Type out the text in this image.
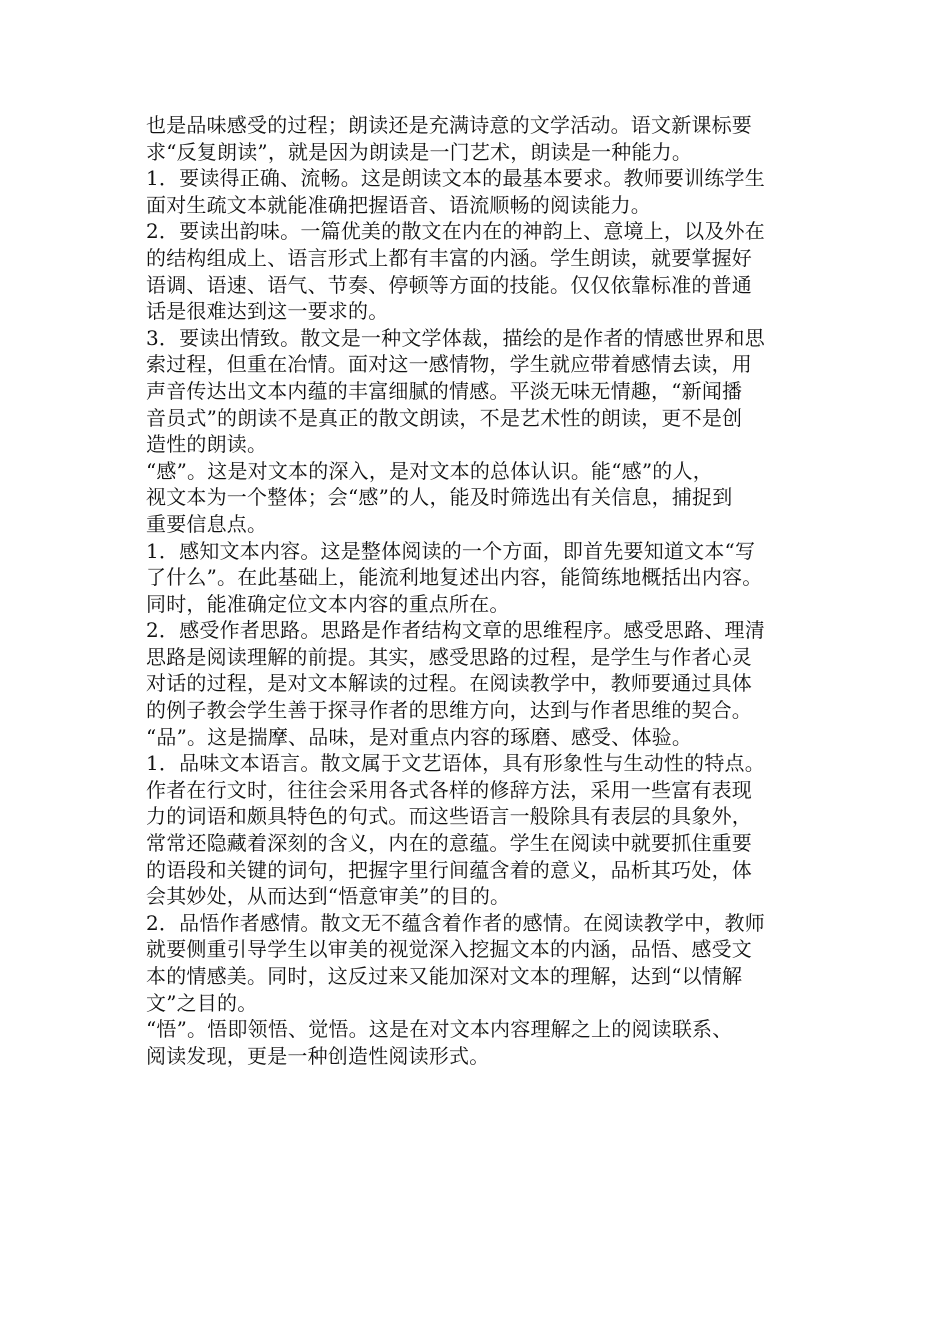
也是品味感受的过程；朗读还是充满诗意的文学活动。语文新课标要
求“反复朗读”，就是因为朗读是一门艺术，朗读是一种能力。
1．要读得正确、流畅。这是朗读文本的最基本要求。教师要训练学生
面对生疏文本就能准确把握语音、语流顺畅的阅读能力。
2．要读出韵味。一篇优美的散文在内在的神韵上、意境上，以及外在
的结构组成上、语言形式上都有丰富的内涵。学生朗读，就要掌握好
语调、语速、语气、节奏、停顿等方面的技能。仅仅依靠标准的普通
话是很难达到这一要求的。
3．要读出情致。散文是一种文学体裁，描绘的是作者的情感世界和思
索过程，但重在冶情。面对这一感情物，学生就应带着感情去读，用
声音传达出文本内蕴的丰富细腻的情感。平淡无味无情趣，“新闻播
音员式”的朗读不是真正的散文朗读，不是艺术性的朗读，更不是创
造性的朗读。
“感”。这是对文本的深入，是对文本的总体认识。能“感”的人，
视文本为一个整体；会“感”的人，能及时筛选出有关信息，捕捉到
重要信息点。
1．感知文本内容。这是整体阅读的一个方面，即首先要知道文本“写
了什么”。在此基础上，能流利地复述出内容，能简练地概括出内容。
同时，能准确定位文本内容的重点所在。
2．感受作者思路。思路是作者结构文章的思维程序。感受思路、理清
思路是阅读理解的前提。其实，感受思路的过程，是学生与作者心灵
对话的过程，是对文本解读的过程。在阅读教学中，教师要通过具体
的例子教会学生善于探寻作者的思维方向，达到与作者思维的契合。
“品”。这是揣摩、品味，是对重点内容的琢磨、感受、体验。
1．品味文本语言。散文属于文艺语体，具有形象性与生动性的特点。
作者在行文时，往往会采用各式各样的修辞方法，采用一些富有表现
力的词语和颇具特色的句式。而这些语言一般除具有表层的具象外，
常常还隐藏着深刻的含义，内在的意蕴。学生在阅读中就要抓住重要
的语段和关键的词句，把握字里行间蕴含着的意义，品析其巧处，体
会其妙处，从而达到“悟意审美”的目的。
2．品悟作者感情。散文无不蕴含着作者的感情。在阅读教学中，教师
就要侧重引导学生以审美的视觉深入挖掘文本的内涵，品悟、感受文
本的情感美。同时，这反过来又能加深对文本的理解，达到“以情解
文”之目的。
“悟”。悟即领悟、觉悟。这是在对文本内容理解之上的阅读联系、
阅读发现，更是一种创造性阅读形式。
